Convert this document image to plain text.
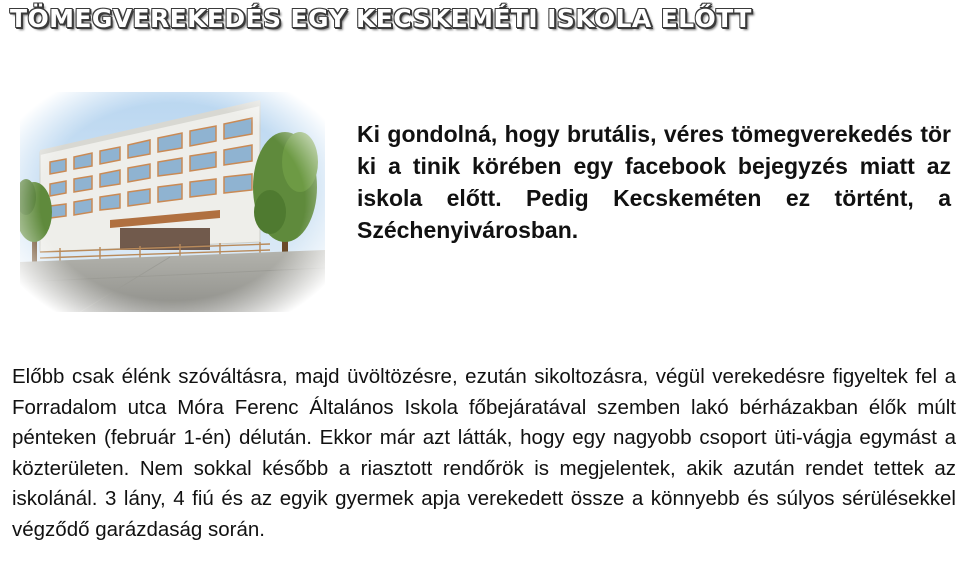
TÖMEGVEREKEDÉS EGY KECSKEMÉTI ISKOLA ELŐTT

Ki gondolná, hogy brutális, véres tömegverekedés tör ki a tinik körében egy facebook bejegyzés miatt az iskola előtt. Pedig Kecskeméten ez történt, a Széchenyivárosban.

Előbb csak élénk szóváltásra, majd üvöltözésre, ezután sikoltozásra, végül verekedésre figyeltek fel a Forradalom utca Móra Ferenc Általános Iskola főbejáratával szemben lakó bérházakban élők múlt pénteken (február 1-én) délután. Ekkor már azt látták, hogy egy nagyobb csoport üti-vágja egymást a közterületen. Nem sokkal később a riasztott rendőrök is megjelentek, akik azután rendet tettek az iskolánál. 3 lány, 4 fiú és az egyik gyermek apja verekedett össze a könnyebb és súlyos sérülésekkel végződő garázdaság során.
